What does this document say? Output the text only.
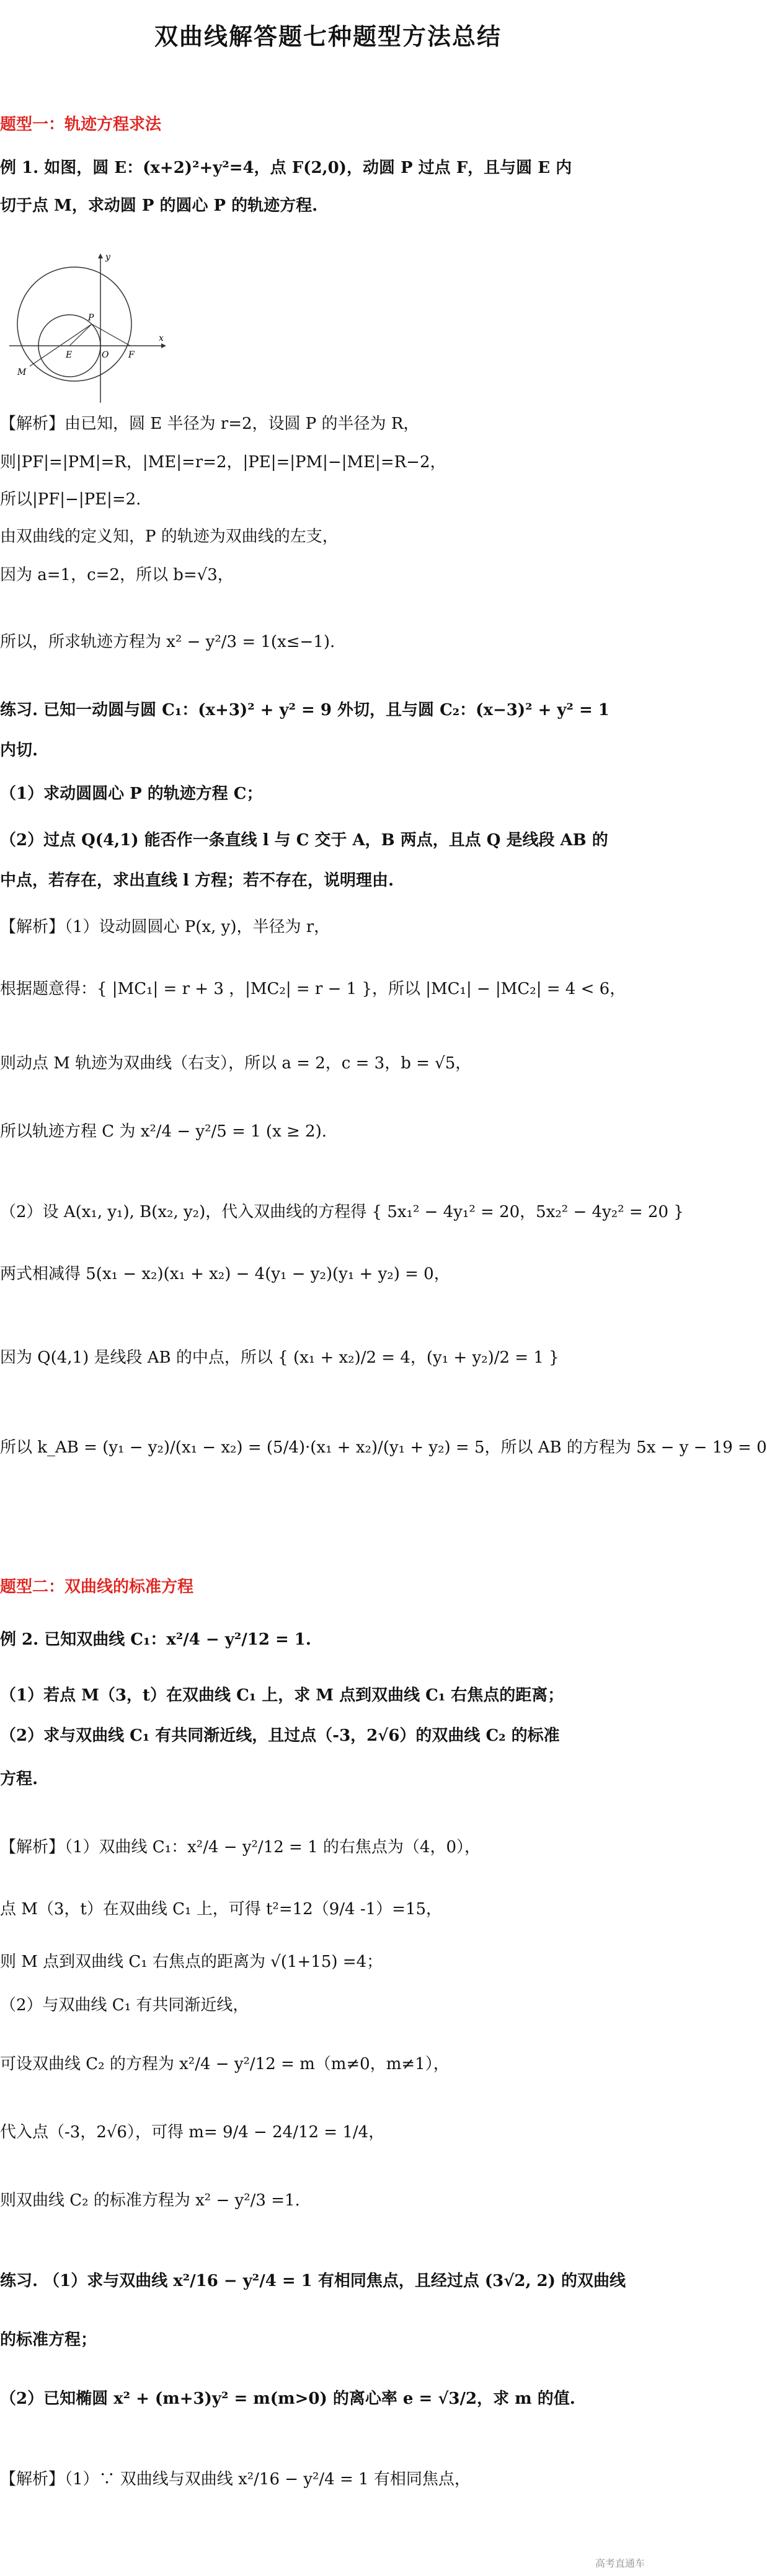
双曲线解答题七种题型方法总结
题型一：轨迹方程求法
例 1. 如图，圆 E：(x+2)²+y²=4，点 F(2,0)，动圆 P 过点 F，且与圆 E 内
切于点 M，求动圆 P 的圆心 P 的轨迹方程.
y
P
M
E	O F
x
【解析】由已知，圆 E 半径为 r=2，设圆 P 的半径为 R，
则|PF|=|PM|=R，|ME|=r=2，|PE|=|PM|−|ME|=R−2，
所以|PF|−|PE|=2.
由双曲线的定义知，P 的轨迹为双曲线的左支，
因为 a=1，c=2，所以 b=√3，
所以，所求轨迹方程为 x² − y²/3 = 1(x≤−1).
练习. 已知一动圆与圆 C₁：(x+3)² + y² = 9 外切，且与圆 C₂：(x−3)² + y² = 1
内切.
（1）求动圆圆心 P 的轨迹方程 C；
（2）过点 Q(4,1) 能否作一条直线 l 与 C 交于 A，B 两点，且点 Q 是线段 AB 的
中点，若存在，求出直线 l 方程；若不存在，说明理由.
【解析】（1）设动圆圆心 P(x, y)，半径为 r，
根据题意得：{ |MC₁| = r + 3 ，|MC₂| = r − 1 }，所以 |MC₁| − |MC₂| = 4 < 6，
则动点 M 轨迹为双曲线（右支），所以 a = 2，c = 3，b = √5，
所以轨迹方程 C 为 x²/4 − y²/5 = 1 (x ≥ 2).
（2）设 A(x₁, y₁), B(x₂, y₂)，代入双曲线的方程得 { 5x₁² − 4y₁² = 20，5x₂² − 4y₂² = 20 }
两式相减得 5(x₁ − x₂)(x₁ + x₂) − 4(y₁ − y₂)(y₁ + y₂) = 0，
因为 Q(4,1) 是线段 AB 的中点，所以 { (x₁ + x₂)/2 = 4，(y₁ + y₂)/2 = 1 }
所以 k_AB = (y₁ − y₂)/(x₁ − x₂) = (5/4)·(x₁ + x₂)/(y₁ + y₂) = 5，所以 AB 的方程为 5x − y − 19 = 0
题型二：双曲线的标准方程
例 2. 已知双曲线 C₁：x²/4 − y²/12 = 1.
（1）若点 M（3，t）在双曲线 C₁ 上，求 M 点到双曲线 C₁ 右焦点的距离；
（2）求与双曲线 C₁ 有共同渐近线，且过点（-3，2√6）的双曲线 C₂ 的标准
方程.
【解析】（1）双曲线 C₁：x²/4 − y²/12 = 1 的右焦点为（4，0），
点 M（3，t）在双曲线 C₁ 上，可得 t²=12（9/4 -1）=15，
则 M 点到双曲线 C₁ 右焦点的距离为 √(1+15) =4；
（2）与双曲线 C₁ 有共同渐近线，
可设双曲线 C₂ 的方程为 x²/4 − y²/12 = m（m≠0，m≠1），
代入点（-3，2√6），可得 m= 9/4 − 24/12 = 1/4，
则双曲线 C₂ 的标准方程为 x² − y²/3 =1.
练习. （1）求与双曲线 x²/16 − y²/4 = 1 有相同焦点，且经过点 (3√2, 2) 的双曲线
的标准方程；
（2）已知椭圆 x² + (m+3)y² = m(m>0) 的离心率 e = √3/2，求 m 的值.
【解析】（1）∵ 双曲线与双曲线 x²/16 − y²/4 = 1 有相同焦点，
高考直通车
